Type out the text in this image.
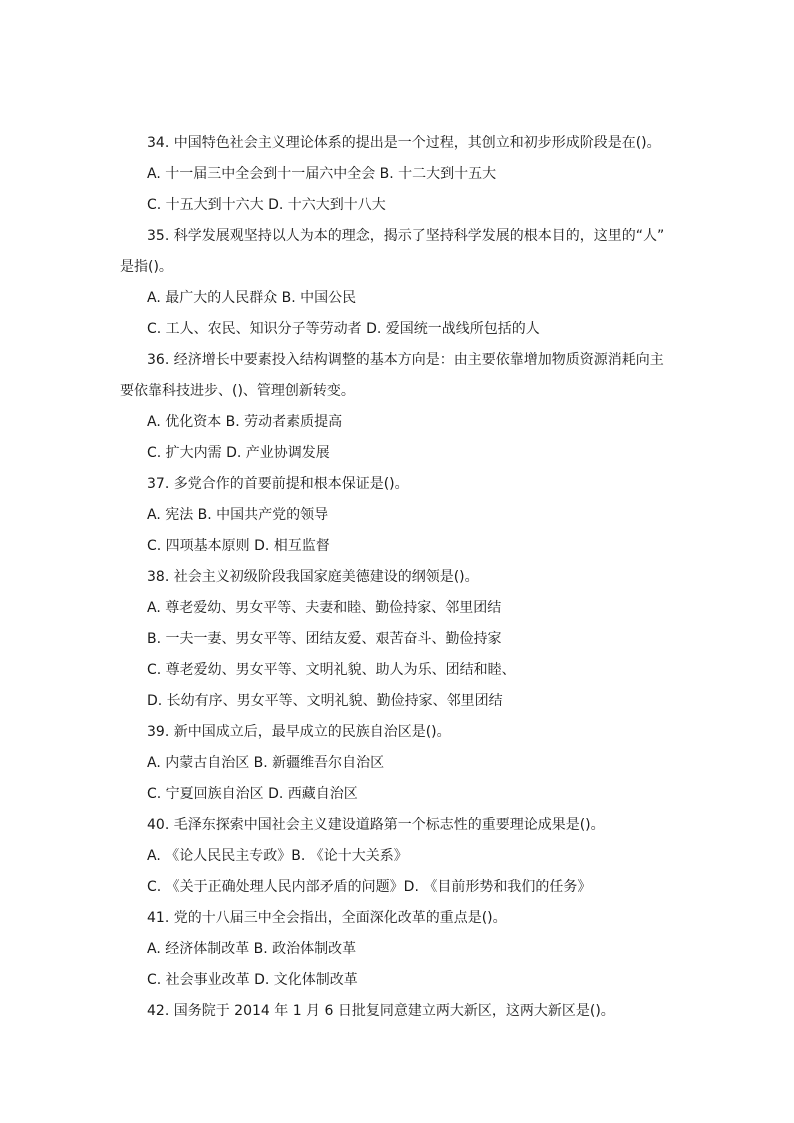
34. 中国特色社会主义理论体系的提出是一个过程，其创立和初步形成阶段是在()。
A. 十一届三中全会到十一届六中全会 B. 十二大到十五大
C. 十五大到十六大 D. 十六大到十八大
35. 科学发展观坚持以人为本的理念，揭示了坚持科学发展的根本目的，这里的“人”
是指()。
A. 最广大的人民群众 B. 中国公民
C. 工人、农民、知识分子等劳动者 D. 爱国统一战线所包括的人
36. 经济增长中要素投入结构调整的基本方向是：由主要依靠增加物质资源消耗向主
要依靠科技进步、()、管理创新转变。
A. 优化资本 B. 劳动者素质提高
C. 扩大内需 D. 产业协调发展
37. 多党合作的首要前提和根本保证是()。
A. 宪法 B. 中国共产党的领导
C. 四项基本原则 D. 相互监督
38. 社会主义初级阶段我国家庭美德建设的纲领是()。
A. 尊老爱幼、男女平等、夫妻和睦、勤俭持家、邻里团结
B. 一夫一妻、男女平等、团结友爱、艰苦奋斗、勤俭持家
C. 尊老爱幼、男女平等、文明礼貌、助人为乐、团结和睦、
D. 长幼有序、男女平等、文明礼貌、勤俭持家、邻里团结
39. 新中国成立后，最早成立的民族自治区是()。
A. 内蒙古自治区 B. 新疆维吾尔自治区
C. 宁夏回族自治区 D. 西藏自治区
40. 毛泽东探索中国社会主义建设道路第一个标志性的重要理论成果是()。
A. 《论人民民主专政》B. 《论十大关系》
C. 《关于正确处理人民内部矛盾的问题》D. 《目前形势和我们的任务》
41. 党的十八届三中全会指出，全面深化改革的重点是()。
A. 经济体制改革 B. 政治体制改革
C. 社会事业改革 D. 文化体制改革
42. 国务院于 2014 年 1 月 6 日批复同意建立两大新区，这两大新区是()。
